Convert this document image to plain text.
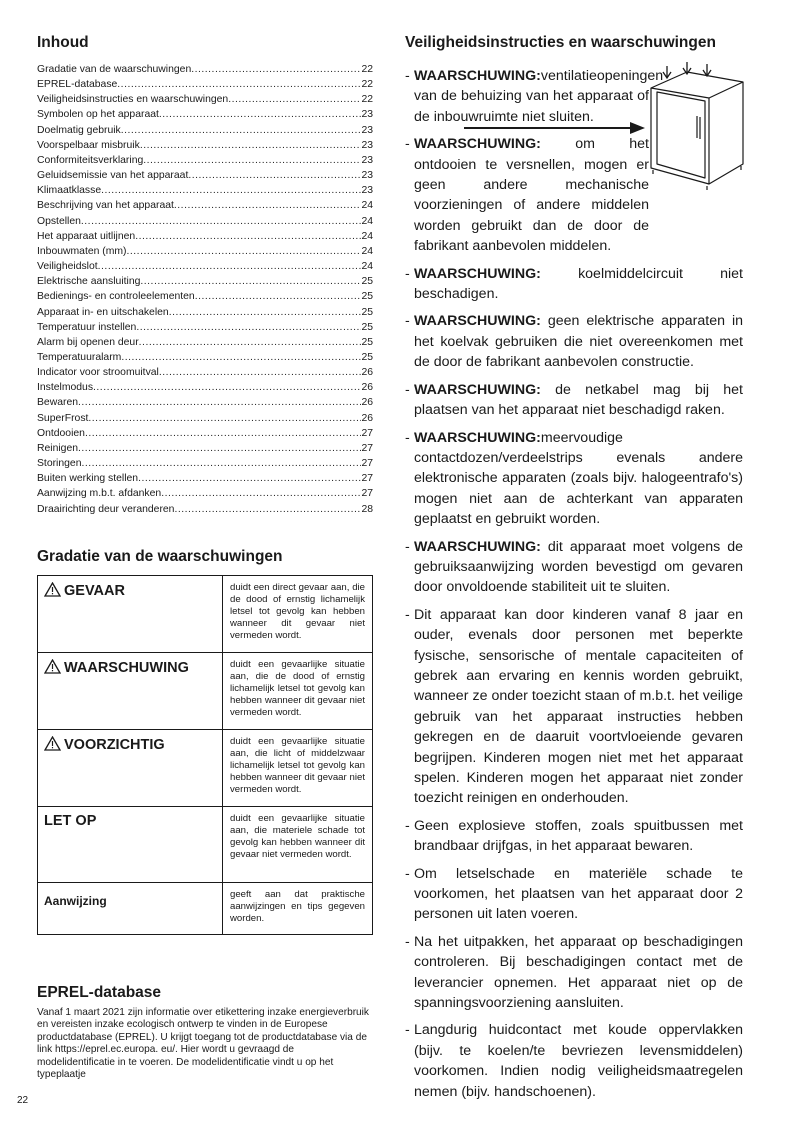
Inhoud
Gradatie van de waarschuwingen .....	22
EPREL-database .....	22
Veiligheidsinstructies en waarschuwingen .....	22
Symbolen op het apparaat .....	23
Doelmatig gebruik .....	23
Voorspelbaar misbruik .....	23
Conformiteitsverklaring .....	23
Geluidsemissie van het apparaat .....	23
Klimaatklasse .....	23
Beschrijving van het apparaat .....	24
Opstellen .....	24
Het apparaat uitlijnen .....	24
Inbouwmaten (mm) .....	24
Veiligheidslot .....	24
Elektrische aansluiting .....	25
Bedienings- en controleelementen .....	25
Apparaat in- en uitschakelen .....	25
Temperatuur instellen .....	25
Alarm bij openen deur .....	25
Temperatuuralarm .....	25
Indicator voor stroomuitval .....	26
Instelmodus .....	26
Bewaren .....	26
SuperFrost .....	26
Ontdooien .....	27
Reinigen .....	27
Storingen .....	27
Buiten werking stellen .....	27
Aanwijzing m.b.t. afdanken .....	27
Draairichting deur veranderen .....	28
Gradatie van de waarschuwingen
GEVAAR	duidt een direct gevaar aan, die de dood of ernstig lichamelijk letsel tot gevolg kan hebben wanneer dit gevaar niet vermeden wordt.
WAARSCHUWING	duidt een gevaarlijke situatie aan, die de dood of ernstig lichamelijk letsel tot gevolg kan hebben wanneer dit gevaar niet vermeden wordt.
VOORZICHTIG	duidt een gevaarlijke situatie aan, die licht of middelzwaar lichamelijk letsel tot gevolg kan hebben wanneer dit gevaar niet vermeden wordt.
LET OP	duidt een gevaarlijke situatie aan, die materiele schade tot gevolg kan hebben wanneer dit gevaar niet vermeden wordt.
Aanwijzing	geeft aan dat praktische aanwijzingen en tips gegeven worden.
EPREL-database
Vanaf 1 maart 2021 zijn informatie over etikettering inzake energieverbruik en vereisten inzake ecologisch ontwerp te vinden in de Europese productdatabase (EPREL). U krijgt toegang tot de productdatabase via de link https://eprel.ec.europa. eu/. Hier wordt u gevraagd de modelidentificatie in te voeren. De modelidentificatie vindt u op het typeplaatje
22
Veiligheidsinstructies en waarschuwingen
- WAARSCHUWING:ventilatieopeningen van de behuizing van het apparaat of de inbouwruimte niet sluiten.
- WAARSCHUWING: om het ontdooien te versnellen, mogen er geen andere mechanische voorzieningen of andere middelen worden gebruikt dan de door de fabrikant aanbevolen middelen.
- WAARSCHUWING: koelmiddelcircuit niet beschadigen.
- WAARSCHUWING: geen elektrische apparaten in het koelvak gebruiken die niet overeenkomen met de door de fabrikant aanbevolen constructie.
- WAARSCHUWING: de netkabel mag bij het plaatsen van het apparaat niet beschadigd raken.
- WAARSCHUWING:meervoudige contactdozen/verdeelstrips evenals andere elektronische apparaten (zoals bijv. halogeentrafo's) mogen niet aan de achterkant van apparaten geplaatst en gebruikt worden.
- WAARSCHUWING: dit apparaat moet volgens de gebruiksaanwijzing worden bevestigd om gevaren door onvoldoende stabiliteit uit te sluiten.
- Dit apparaat kan door kinderen vanaf 8 jaar en ouder, evenals door personen met beperkte fysische, sensorische of mentale capaciteiten of gebrek aan ervaring en kennis worden gebruikt, wanneer ze onder toezicht staan of m.b.t. het veilige gebruik van het apparaat instructies hebben gekregen en de daaruit voortvloeiende gevaren begrijpen. Kinderen mogen niet met het apparaat spelen. Kinderen mogen het apparaat niet zonder toezicht reinigen en onderhouden.
- Geen explosieve stoffen, zoals spuitbussen met brandbaar drijfgas, in het apparaat bewaren.
- Om letselschade en materiële schade te voorkomen, het plaatsen van het apparaat door 2 personen uit laten voeren.
- Na het uitpakken, het apparaat op beschadigingen controleren. Bij beschadigingen contact met de leverancier opnemen. Het apparaat niet op de spanningsvoorziening aansluiten.
- Langdurig huidcontact met koude oppervlakken (bijv. te koelen/te bevriezen levensmiddelen) voorkomen. Indien nodig veiligheidsmaatregelen nemen (bijv. handschoenen).
